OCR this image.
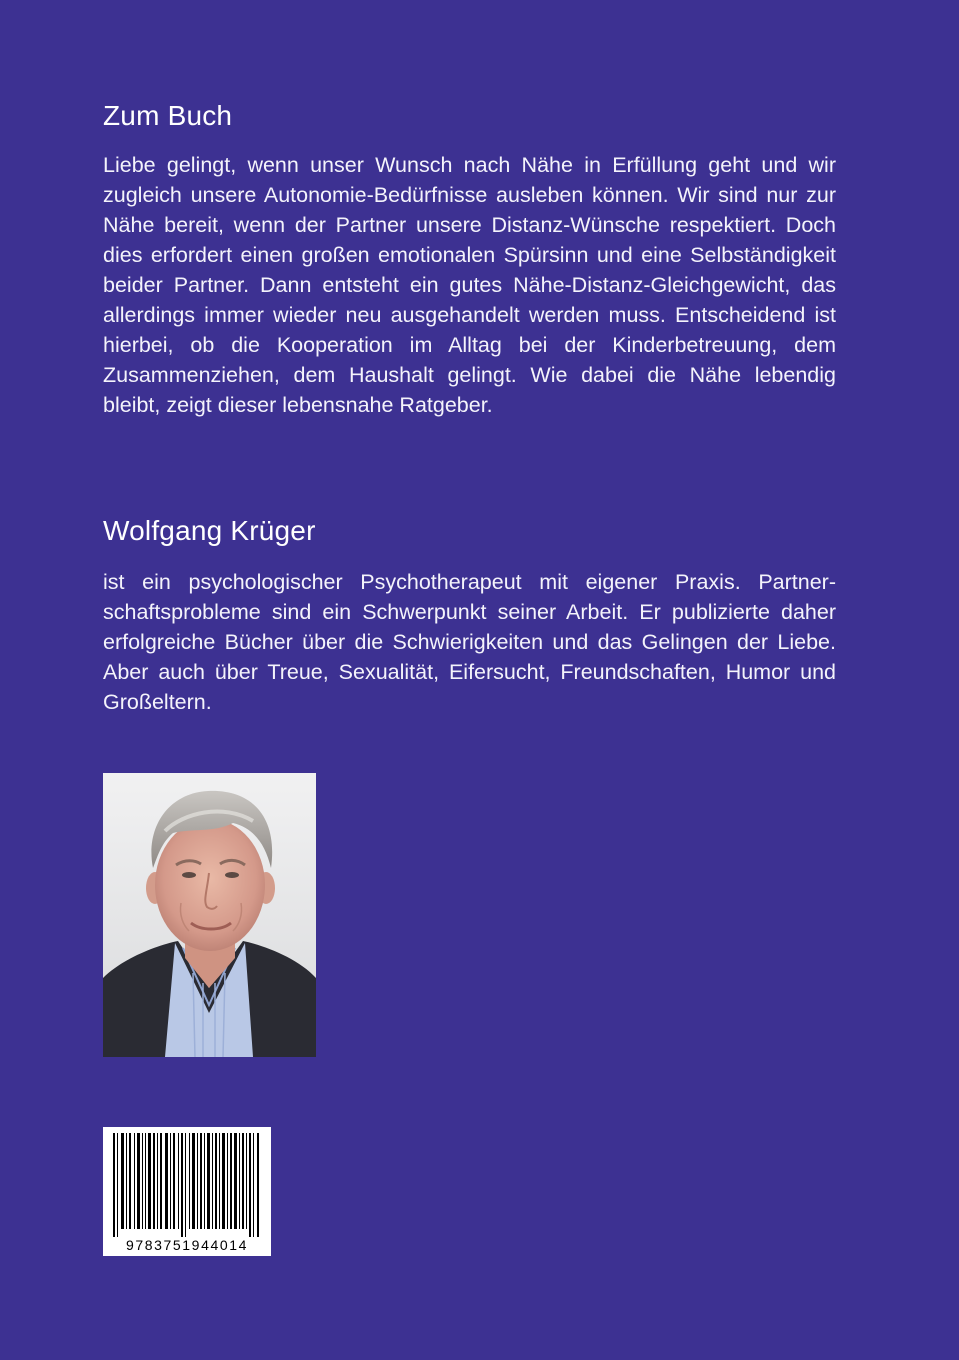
Zum Buch
Liebe gelingt, wenn unser Wunsch nach Nähe in Erfüllung geht und wir zugleich unsere Autonomie-Bedürfnisse ausleben können. Wir sind nur zur Nähe bereit, wenn der Partner unsere Distanz-Wünsche respektiert. Doch dies erfordert einen großen emotionalen Spürsinn und eine Selbständigkeit beider Partner. Dann entsteht ein gutes Nähe-Distanz-Gleichgewicht, das allerdings immer wieder neu ausgehandelt werden muss. Entscheidend ist hierbei, ob die Kooperation im Alltag bei der Kinderbetreuung, dem Zusammenziehen, dem Haushalt gelingt. Wie dabei die Nähe lebendig bleibt, zeigt dieser lebensnahe Ratgeber.
Wolfgang Krüger
ist ein psychologischer Psychotherapeut mit eigener Praxis. Partnerschaftsprobleme sind ein Schwerpunkt seiner Arbeit. Er publizierte daher erfolgreiche Bücher über die Schwierigkeiten und das Gelingen der Liebe. Aber auch über Treue, Sexualität, Eifersucht, Freundschaften, Humor und Großeltern.
9783751944014
